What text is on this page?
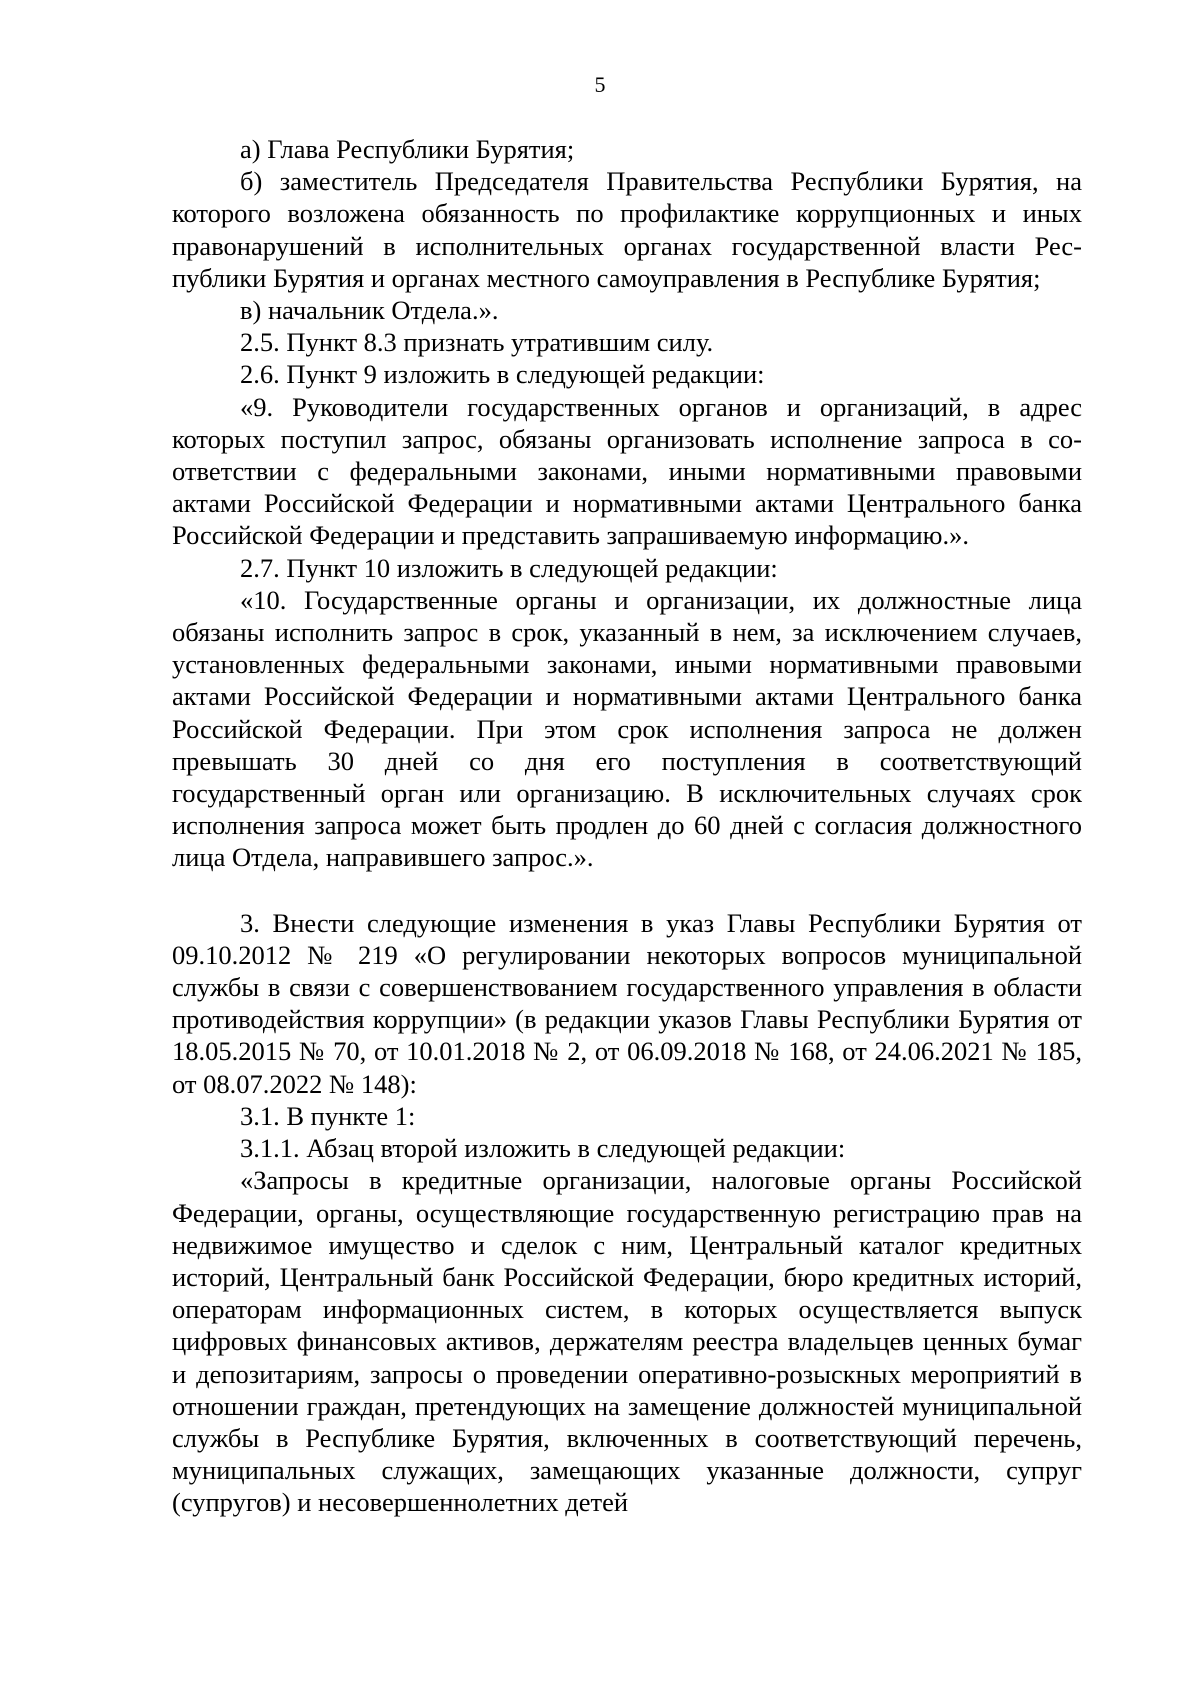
5

а) Глава Республики Бурятия;

б) заместитель Председателя Правительства Республики Бурятия, на которого возложена обязанность по профилактике коррупционных и иных правонарушений в исполнительных органах государственной власти Республики Бурятия и органах местного самоуправления в Республике Бурятия;

в) начальник Отдела.».

2.5. Пункт 8.3 признать утратившим силу.

2.6. Пункт 9 изложить в следующей редакции:

«9. Руководители государственных органов и организаций, в адрес которых поступил запрос, обязаны организовать исполнение запроса в соответствии с федеральными законами, иными нормативными правовыми актами Российской Федерации и нормативными актами Центрального банка Российской Федерации и представить запрашиваемую информацию.».

2.7. Пункт 10 изложить в следующей редакции:

«10. Государственные органы и организации, их должностные лица обязаны исполнить запрос в срок, указанный в нем, за исключением случаев, установленных федеральными законами, иными нормативными правовыми актами Российской Федерации и нормативными актами Центрального банка Российской Федерации. При этом срок исполнения запроса не должен превышать 30 дней со дня его поступления в соответствующий государственный орган или организацию. В исключительных случаях срок исполнения запроса может быть продлен до 60 дней с согласия должностного лица Отдела, направившего запрос.».

3. Внести следующие изменения в указ Главы Республики Бурятия от 09.10.2012 № 219 «О регулировании некоторых вопросов муниципальной службы в связи с совершенствованием государственного управления в области противодействия коррупции» (в редакции указов Главы Республики Бурятия от 18.05.2015 № 70, от 10.01.2018 № 2, от 06.09.2018 № 168, от 24.06.2021 № 185, от 08.07.2022 № 148):

3.1. В пункте 1:

3.1.1. Абзац второй изложить в следующей редакции:

«Запросы в кредитные организации, налоговые органы Российской Федерации, органы, осуществляющие государственную регистрацию прав на недвижимое имущество и сделок с ним, Центральный каталог кредитных историй, Центральный банк Российской Федерации, бюро кредитных историй, операторам информационных систем, в которых осуществляется выпуск цифровых финансовых активов, держателям реестра владельцев ценных бумаг и депозитариям, запросы о проведении оперативно-розыскных мероприятий в отношении граждан, претендующих на замещение должностей муниципальной службы в Республике Бурятия, включенных в соответствующий перечень, муниципальных служащих, замещающих указанные должности, супруг (супругов) и несовершеннолетних детей
